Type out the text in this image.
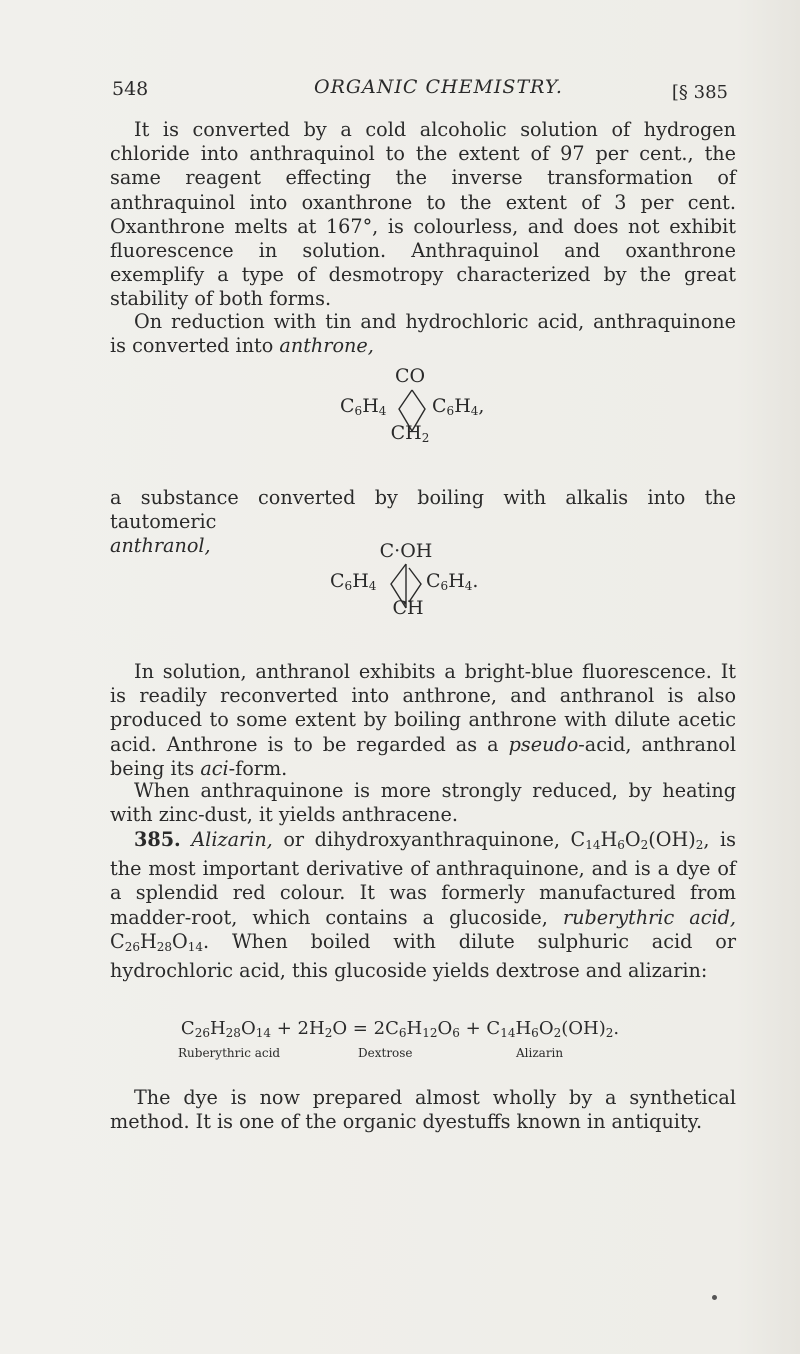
548	ORGANIC CHEMISTRY.	[§ 385

It is converted by a cold alcoholic solution of hydrogen chloride into anthraquinol to the extent of 97 per cent., the same reagent effecting the inverse transformation of anthraquinol into oxanthrone to the extent of 3 per cent. Oxanthrone melts at 167°, is colourless, and does not exhibit fluorescence in solution. Anthraquinol and oxanthrone exemplify a type of desmotropy characterized by the great stability of both forms.

On reduction with tin and hydrochloric acid, anthraquinone is converted into anthrone,

CO
$C_6H_4$ $C_6H_4$,
$CH_2$

a substance converted by boiling with alkalis into the tautomeric
anthranol,	C·OH
$C_6H_4$	$C_6H_4$.
CH

In solution, anthranol exhibits a bright-blue fluorescence. It is readily reconverted into anthrone, and anthranol is also produced to some extent by boiling anthrone with dilute acetic acid. Anthrone is to be regarded as a pseudo-acid, anthranol being its aci-form.

When anthraquinone is more strongly reduced, by heating with zinc-dust, it yields anthracene.

385. Alizarin, or dihydroxyanthraquinone, $C_{14}H_6O_2(OH)_2$, is the most important derivative of anthraquinone, and is a dye of a splendid red colour. It was formerly manufactured from madder-root, which contains a glucoside, ruberythric acid, $C_{26}H_{28}O_{14}$. When boiled with dilute sulphuric acid or hydrochloric acid, this glucoside yields dextrose and alizarin:

$C_{26}H_{28}O_{14} + 2H_2O = 2C_6H_{12}O_6 + C_{14}H_6O_2(OH)_2$.
Ruberythric acid	Dextrose	Alizarin

The dye is now prepared almost wholly by a synthetical method. It is one of the organic dyestuffs known in antiquity.
